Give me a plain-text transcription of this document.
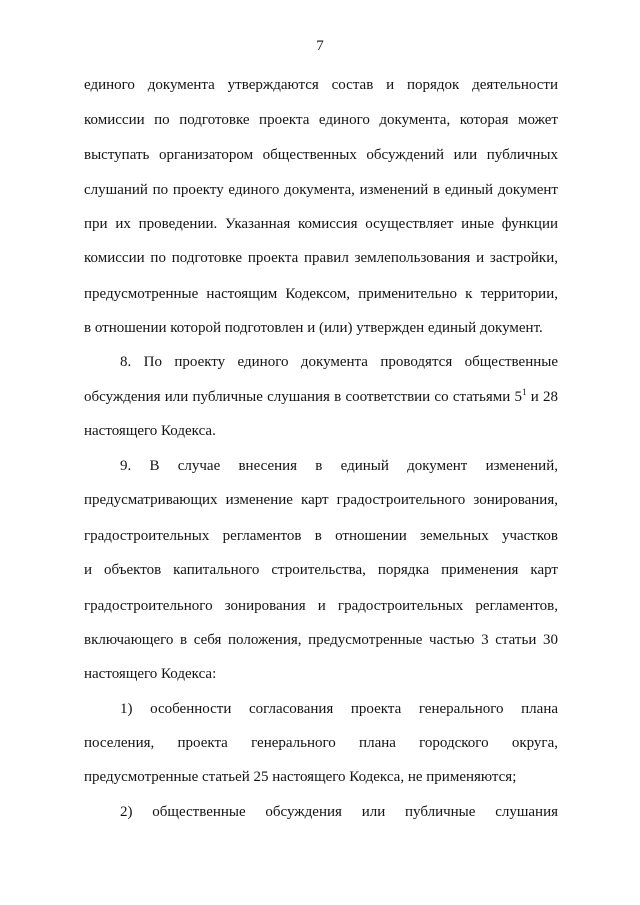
7
единого документа утверждаются состав и порядок деятельности
комиссии по подготовке проекта единого документа, которая может
выступать организатором общественных обсуждений или публичных
слушаний по проекту единого документа, изменений в единый документ
при их проведении. Указанная комиссия осуществляет иные функции
комиссии по подготовке проекта правил землепользования и застройки,
предусмотренные настоящим Кодексом, применительно к территории,
в отношении которой подготовлен и (или) утвержден единый документ.
8. По проекту единого документа проводятся общественные
обсуждения или публичные слушания в соответствии со статьями $5^1$ и 28
настоящего Кодекса.
9. В случае внесения в единый документ изменений,
предусматривающих изменение карт градостроительного зонирования,
градостроительных регламентов в отношении земельных участков
и объектов капитального строительства, порядка применения карт
градостроительного зонирования и градостроительных регламентов,
включающего в себя положения, предусмотренные частью 3 статьи 30
настоящего Кодекса:
1) особенности согласования проекта генерального плана
поселения, проекта генерального плана городского округа,
предусмотренные статьей 25 настоящего Кодекса, не применяются;
2) общественные обсуждения или публичные слушания
